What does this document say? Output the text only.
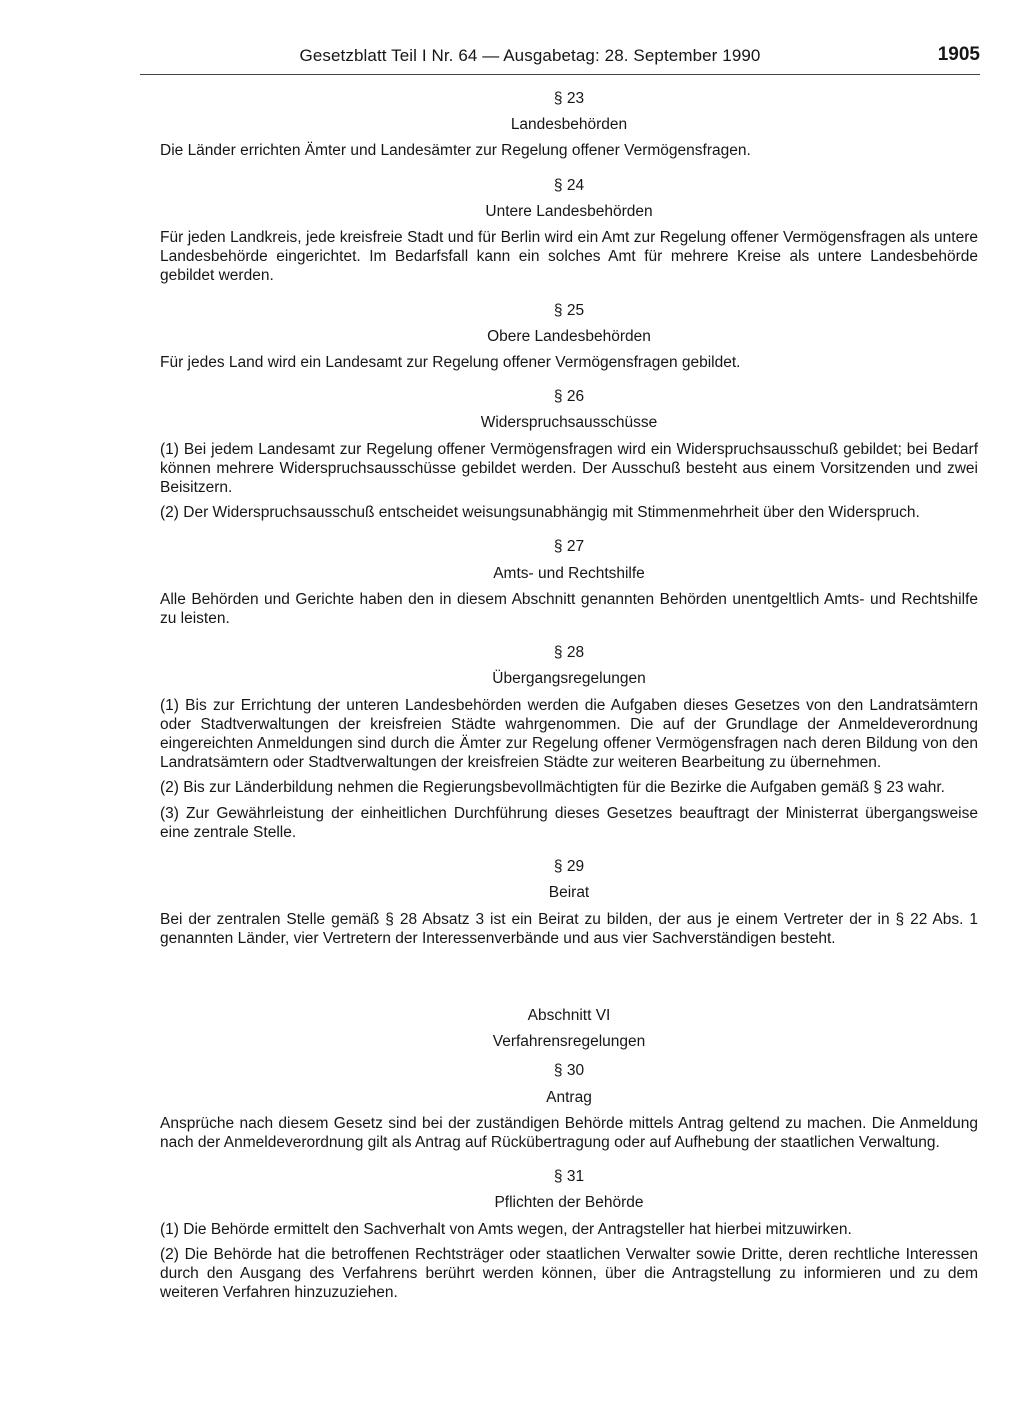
Gesetzblatt Teil I Nr. 64 — Ausgabetag: 28. September 1990	1905
§ 23
Landesbehörden

Die Länder errichten Ämter und Landesämter zur Regelung offener Vermögensfragen.

§ 24
Untere Landesbehörden

Für jeden Landkreis, jede kreisfreie Stadt und für Berlin wird ein Amt zur Regelung offener Vermögensfragen als untere Landesbehörde eingerichtet. Im Bedarfsfall kann ein solches Amt für mehrere Kreise als untere Landesbehörde gebildet werden.

§ 25
Obere Landesbehörden

Für jedes Land wird ein Landesamt zur Regelung offener Vermögensfragen gebildet.

§ 26
Widerspruchsausschüsse

(1) Bei jedem Landesamt zur Regelung offener Vermögensfragen wird ein Widerspruchsausschuß gebildet; bei Bedarf können mehrere Widerspruchsausschüsse gebildet werden. Der Ausschuß besteht aus einem Vorsitzenden und zwei Beisitzern.

(2) Der Widerspruchsausschuß entscheidet weisungsunabhängig mit Stimmenmehrheit über den Widerspruch.

§ 27
Amts- und Rechtshilfe

Alle Behörden und Gerichte haben den in diesem Abschnitt genannten Behörden unentgeltlich Amts- und Rechtshilfe zu leisten.

§ 28
Übergangsregelungen

(1) Bis zur Errichtung der unteren Landesbehörden werden die Aufgaben dieses Gesetzes von den Landratsämtern oder Stadtverwaltungen der kreisfreien Städte wahrgenommen. Die auf der Grundlage der Anmeldeverordnung eingereichten Anmeldungen sind durch die Ämter zur Regelung offener Vermögensfragen nach deren Bildung von den Landratsämtern oder Stadtverwaltungen der kreisfreien Städte zur weiteren Bearbeitung zu übernehmen.

(2) Bis zur Länderbildung nehmen die Regierungsbevollmächtigten für die Bezirke die Aufgaben gemäß § 23 wahr.

(3) Zur Gewährleistung der einheitlichen Durchführung dieses Gesetzes beauftragt der Ministerrat übergangsweise eine zentrale Stelle.

§ 29
Beirat

Bei der zentralen Stelle gemäß § 28 Absatz 3 ist ein Beirat zu bilden, der aus je einem Vertreter der in § 22 Abs. 1 genannten Länder, vier Vertretern der Interessenverbände und aus vier Sachverständigen besteht.

Abschnitt VI
Verfahrensregelungen
§ 30
Antrag

Ansprüche nach diesem Gesetz sind bei der zuständigen Behörde mittels Antrag geltend zu machen. Die Anmeldung nach der Anmeldeverordnung gilt als Antrag auf Rückübertragung oder auf Aufhebung der staatlichen Verwaltung.

§ 31
Pflichten der Behörde

(1) Die Behörde ermittelt den Sachverhalt von Amts wegen, der Antragsteller hat hierbei mitzuwirken.

(2) Die Behörde hat die betroffenen Rechtsträger oder staatlichen Verwalter sowie Dritte, deren rechtliche Interessen durch den Ausgang des Verfahrens berührt werden können, über die Antragstellung zu informieren und zu dem weiteren Verfahren hinzuzuziehen.
